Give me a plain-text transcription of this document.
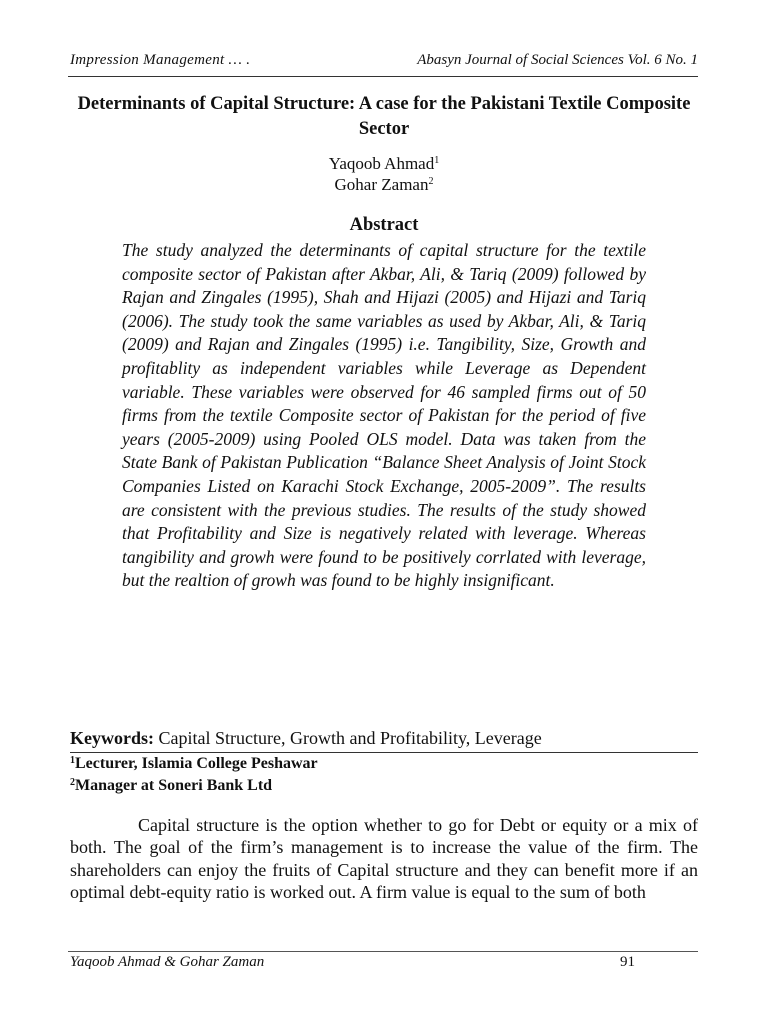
Impression Management … .	Abasyn Journal of Social Sciences Vol. 6 No. 1
Determinants of Capital Structure: A case for the Pakistani Textile Composite Sector
Yaqoob Ahmad$^1$
Gohar Zaman$^2$
Abstract

The study analyzed the determinants of capital structure for the textile composite sector of Pakistan after Akbar, Ali, & Tariq (2009) followed by Rajan and Zingales (1995), Shah and Hijazi (2005) and Hijazi and Tariq (2006). The study took the same variables as used by Akbar, Ali, & Tariq (2009) and Rajan and Zingales (1995) i.e. Tangibility, Size, Growth and profitablity as independent variables while Leverage as Dependent variable. These variables were observed for 46 sampled firms out of 50 firms from the textile Composite sector of Pakistan for the period of five years (2005-2009) using Pooled OLS model. Data was taken from the State Bank of Pakistan Publication “Balance Sheet Analysis of Joint Stock Companies Listed on Karachi Stock Exchange, 2005-2009”. The results are consistent with the previous studies. The results of the study showed that Profitability and Size is negatively related with leverage. Whereas tangibility and growh were found to be positively corrlated with leverage, but the realtion of growh was found to be highly insignificant.

Keywords: Capital Structure, Growth and Profitability, Leverage
$^1$Lecturer, Islamia College Peshawar
$^2$Manager at Soneri Bank Ltd

Capital structure is the option whether to go for Debt or equity or a mix of both. The goal of the firm’s management is to increase the value of the firm. The shareholders can enjoy the fruits of Capital structure and they can benefit more if an optimal debt-equity ratio is worked out. A firm value is equal to the sum of both

Yaqoob Ahmad & Gohar Zaman	91
